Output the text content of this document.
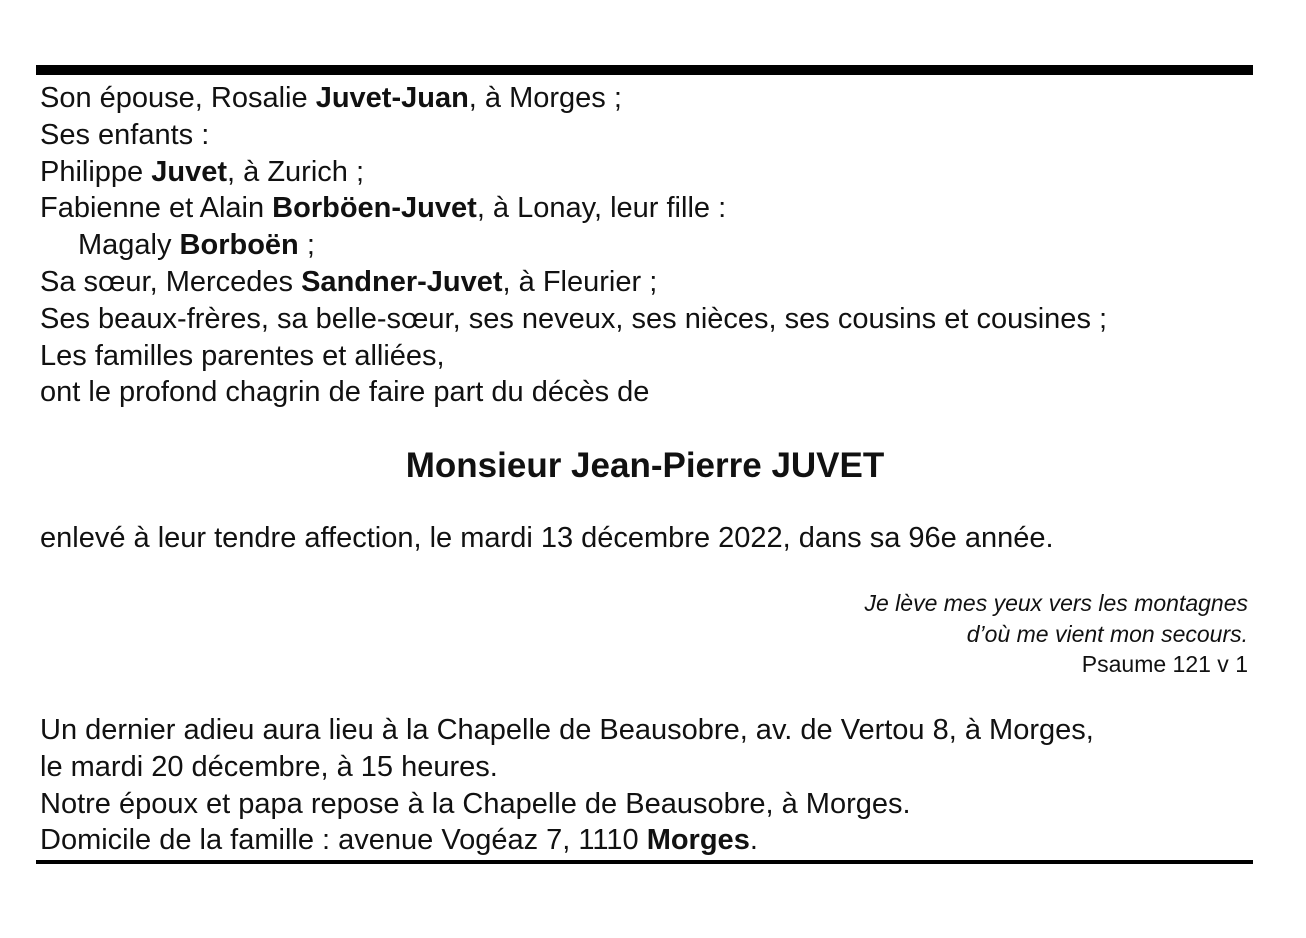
Son épouse, Rosalie Juvet-Juan, à Morges ;
Ses enfants :
Philippe Juvet, à Zurich ;
Fabienne et Alain Borböen-Juvet, à Lonay, leur fille :
Magaly Borboën ;
Sa sœur, Mercedes Sandner-Juvet, à Fleurier ;
Ses beaux-frères, sa belle-sœur, ses neveux, ses nièces, ses cousins et cousines ;
Les familles parentes et alliées,
ont le profond chagrin de faire part du décès de
Monsieur Jean-Pierre JUVET
enlevé à leur tendre affection, le mardi 13 décembre 2022, dans sa 96e année.
Je lève mes yeux vers les montagnes
d’où me vient mon secours.
Psaume 121 v 1
Un dernier adieu aura lieu à la Chapelle de Beausobre, av. de Vertou 8, à Morges,
le mardi 20 décembre, à 15 heures.
Notre époux et papa repose à la Chapelle de Beausobre, à Morges.
Domicile de la famille : avenue Vogéaz 7, 1110 Morges.
